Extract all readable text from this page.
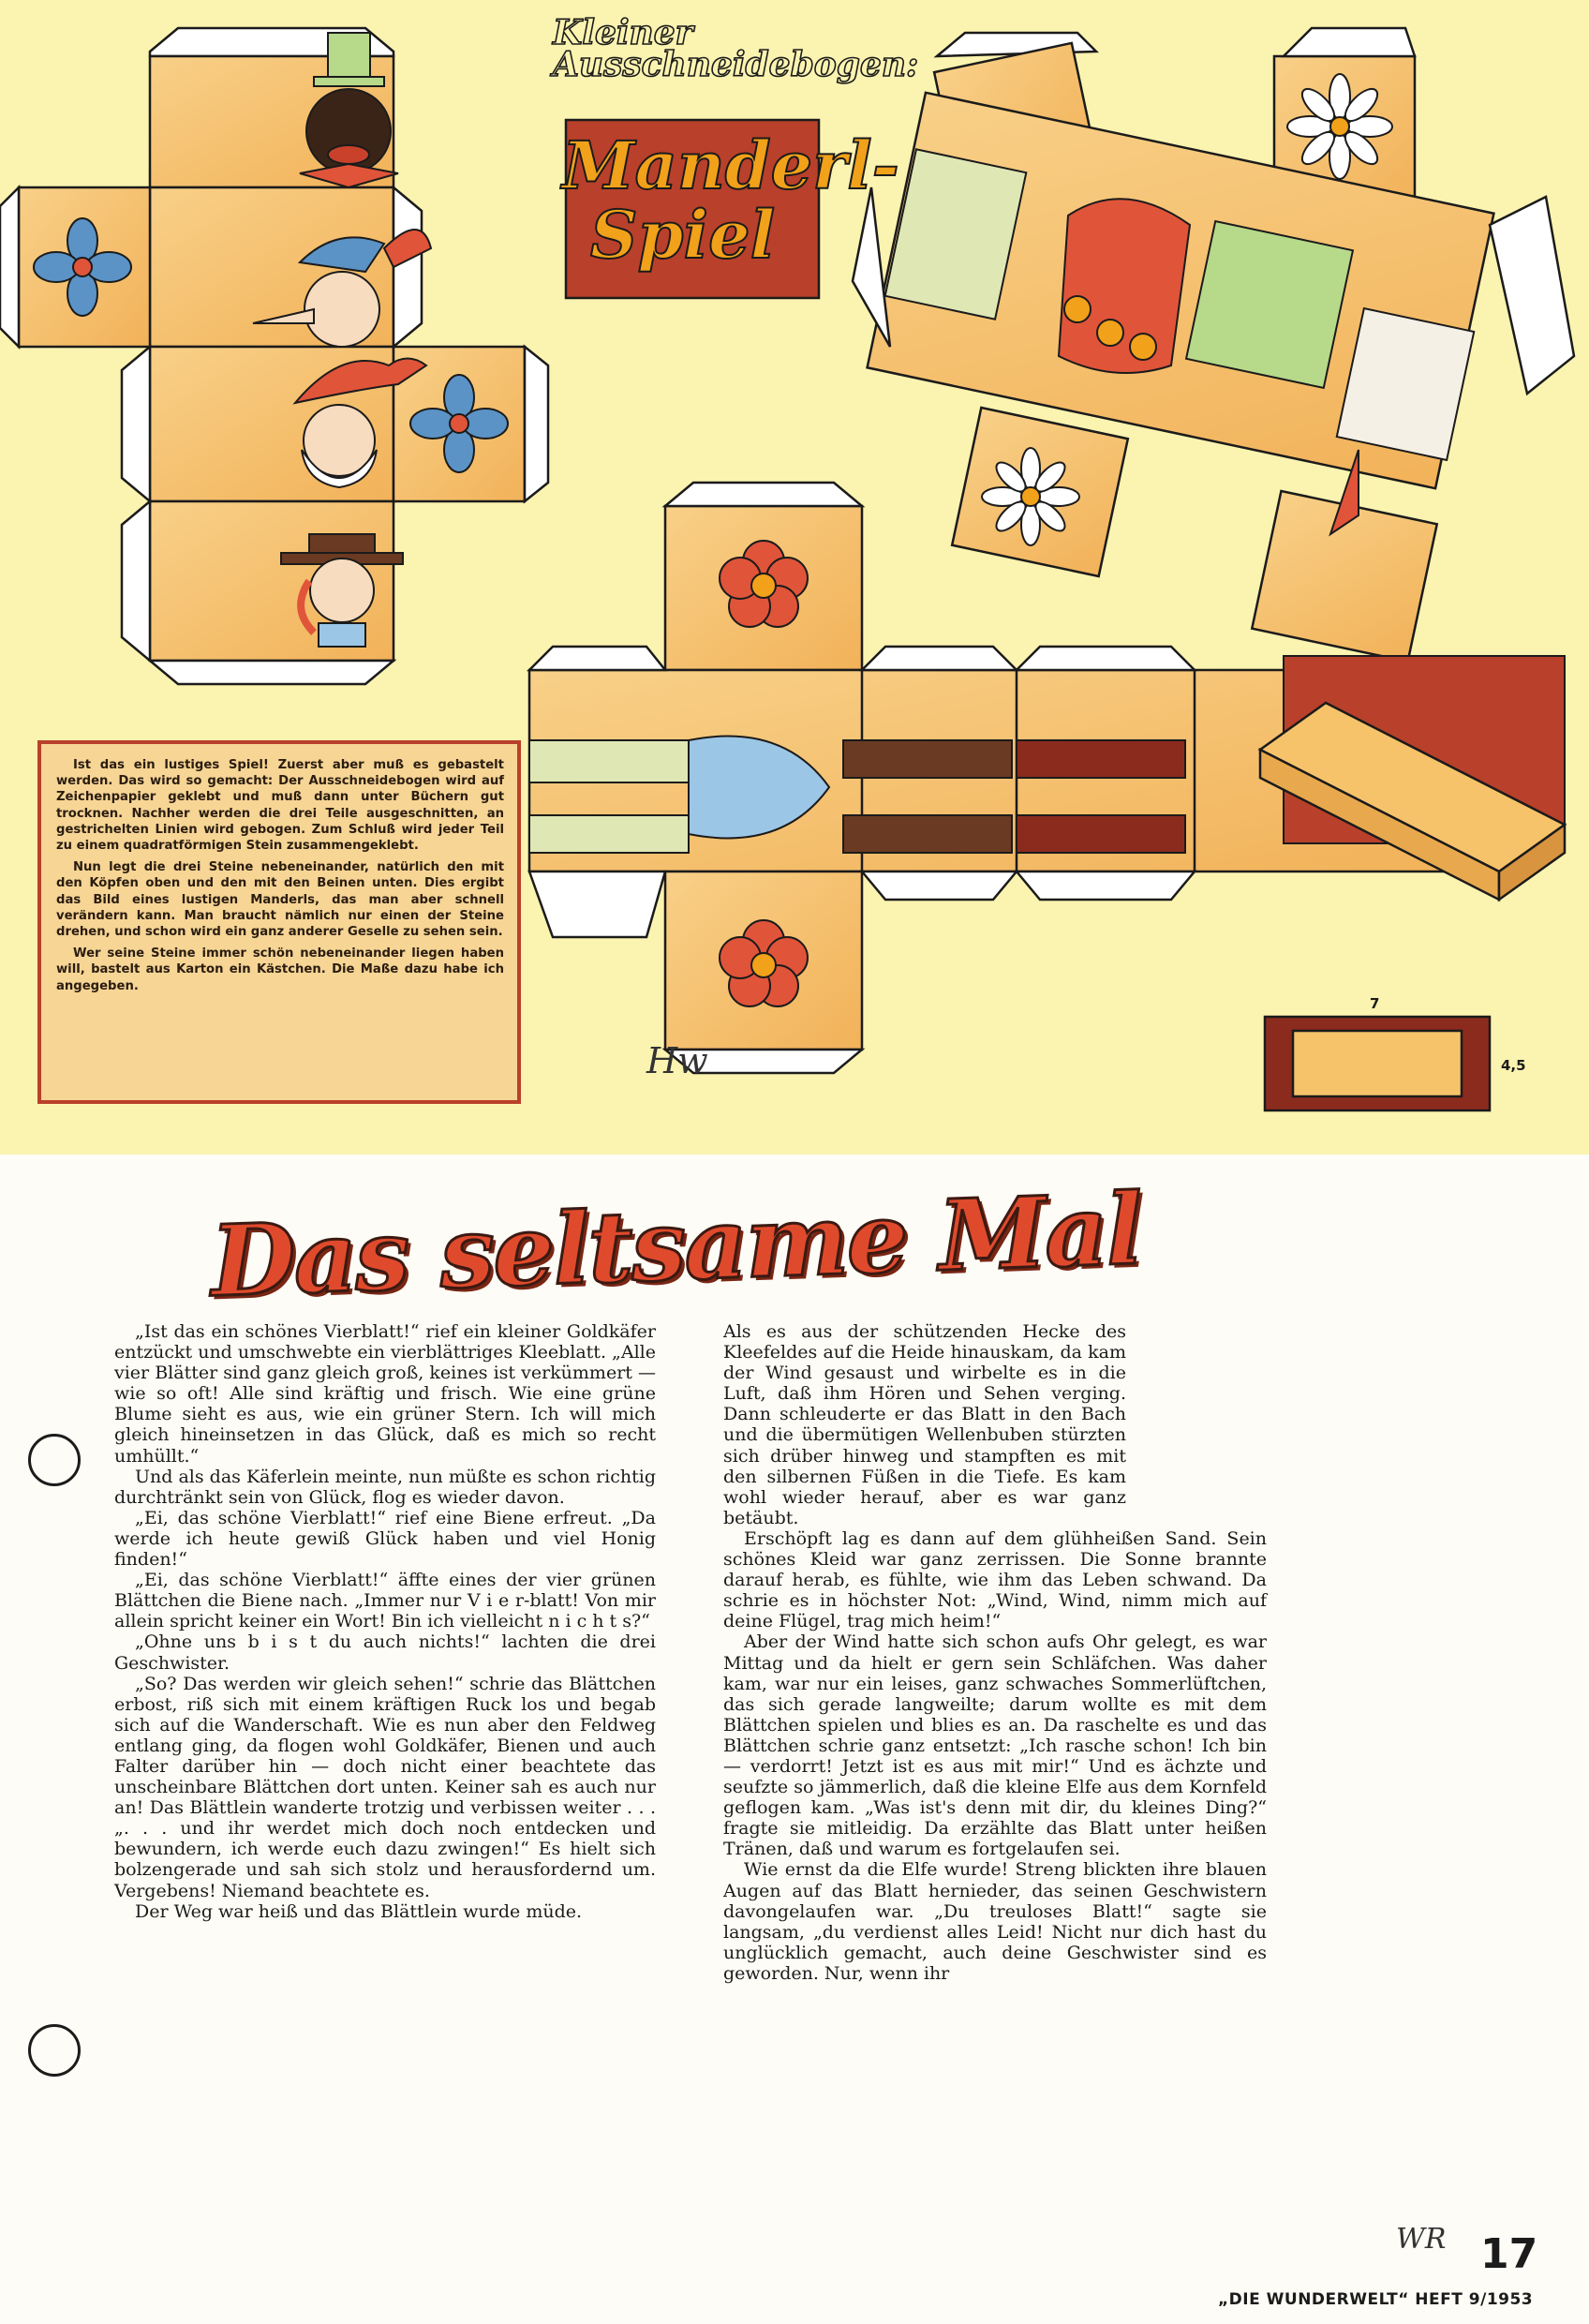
Kleiner
Ausschneidebogen:
Manderl-
Spiel

Ist das ein lustiges Spiel! Zuerst aber muß es gebastelt werden. Das wird so gemacht: Der Ausschneidebogen wird auf Zeichenpapier geklebt und muß dann unter Büchern gut trocknen. Nachher werden die drei Teile ausgeschnitten, an gestrichelten Linien wird gebogen. Zum Schluß wird jeder Teil zu einem quadratförmigen Stein zusammengeklebt.

Nun legt die drei Steine nebeneinander, natürlich den mit den Köpfen oben und den mit den Beinen unten. Dies ergibt das Bild eines lustigen Manderls, das man aber schnell verändern kann. Man braucht nämlich nur einen der Steine drehen, und schon wird ein ganz anderer Geselle zu sehen sein.

Wer seine Steine immer schön nebeneinander liegen haben will, bastelt aus Karton ein Kästchen. Die Maße dazu habe ich angegeben.

Hw
7
4,5
Das seltsame Mal

„Ist das ein schönes Vierblatt!“ rief ein kleiner Goldkäfer entzückt und umschwebte ein vierblättriges Kleeblatt. „Alle vier Blätter sind ganz gleich groß, keines ist verkümmert — wie so oft! Alle sind kräftig und frisch. Wie eine grüne Blume sieht es aus, wie ein grüner Stern. Ich will mich gleich hineinsetzen in das Glück, daß es mich so recht umhüllt.“

Und als das Käferlein meinte, nun müßte es schon richtig durchtränkt sein von Glück, flog es wieder davon.

„Ei, das schöne Vierblatt!“ rief eine Biene erfreut. „Da werde ich heute gewiß Glück haben und viel Honig finden!“

„Ei, das schöne Vierblatt!“ äffte eines der vier grünen Blättchen die Biene nach. „Immer nur V i e r-blatt! Von mir allein spricht keiner ein Wort! Bin ich vielleicht n i c h t s?“

„Ohne uns b i s t du auch nichts!“ lachten die drei Geschwister.

„So? Das werden wir gleich sehen!“ schrie das Blättchen erbost, riß sich mit einem kräftigen Ruck los und begab sich auf die Wanderschaft. Wie es nun aber den Feldweg entlang ging, da flogen wohl Goldkäfer, Bienen und auch Falter darüber hin — doch nicht einer beachtete das unscheinbare Blättchen dort unten. Keiner sah es auch nur an! Das Blättlein wanderte trotzig und verbissen weiter . . . „. . . und ihr werdet mich doch noch entdecken und bewundern, ich werde euch dazu zwingen!“ Es hielt sich bolzengerade und sah sich stolz und herausfordernd um. Vergebens! Niemand beachtete es.

Der Weg war heiß und das Blättlein wurde müde.

Als es aus der schützenden Hecke des Kleefeldes auf die Heide hinauskam, da kam der Wind gesaust und wirbelte es in die Luft, daß ihm Hören und Sehen verging. Dann schleuderte er das Blatt in den Bach und die übermütigen Wellenbuben stürzten sich drüber hinweg und stampften es mit den silbernen Füßen in die Tiefe. Es kam wohl wieder herauf, aber es war ganz betäubt.

Erschöpft lag es dann auf dem glühheißen Sand. Sein schönes Kleid war ganz zerrissen. Die Sonne brannte darauf herab, es fühlte, wie ihm das Leben schwand. Da schrie es in höchster Not: „Wind, Wind, nimm mich auf deine Flügel, trag mich heim!“

Aber der Wind hatte sich schon aufs Ohr gelegt, es war Mittag und da hielt er gern sein Schläfchen. Was daher kam, war nur ein leises, ganz schwaches Sommerlüftchen, das sich gerade langweilte; darum wollte es mit dem Blättchen spielen und blies es an. Da raschelte es und das Blättchen schrie ganz entsetzt: „Ich rasche schon! Ich bin — verdorrt! Jetzt ist es aus mit mir!“ Und es ächzte und seufzte so jämmerlich, daß die kleine Elfe aus dem Kornfeld geflogen kam. „Was ist's denn mit dir, du kleines Ding?“ fragte sie mitleidig. Da erzählte das Blatt unter heißen Tränen, daß und warum es fortgelaufen sei.

Wie ernst da die Elfe wurde! Streng blickten ihre blauen Augen auf das Blatt hernieder, das seinen Geschwistern davongelaufen war. „Du treuloses Blatt!“ sagte sie langsam, „du verdienst alles Leid! Nicht nur dich hast du unglücklich gemacht, auch deine Geschwister sind es geworden. Nur, wenn ihr

WR 17
„DIE WUNDERWELT“ HEFT 9/1953
